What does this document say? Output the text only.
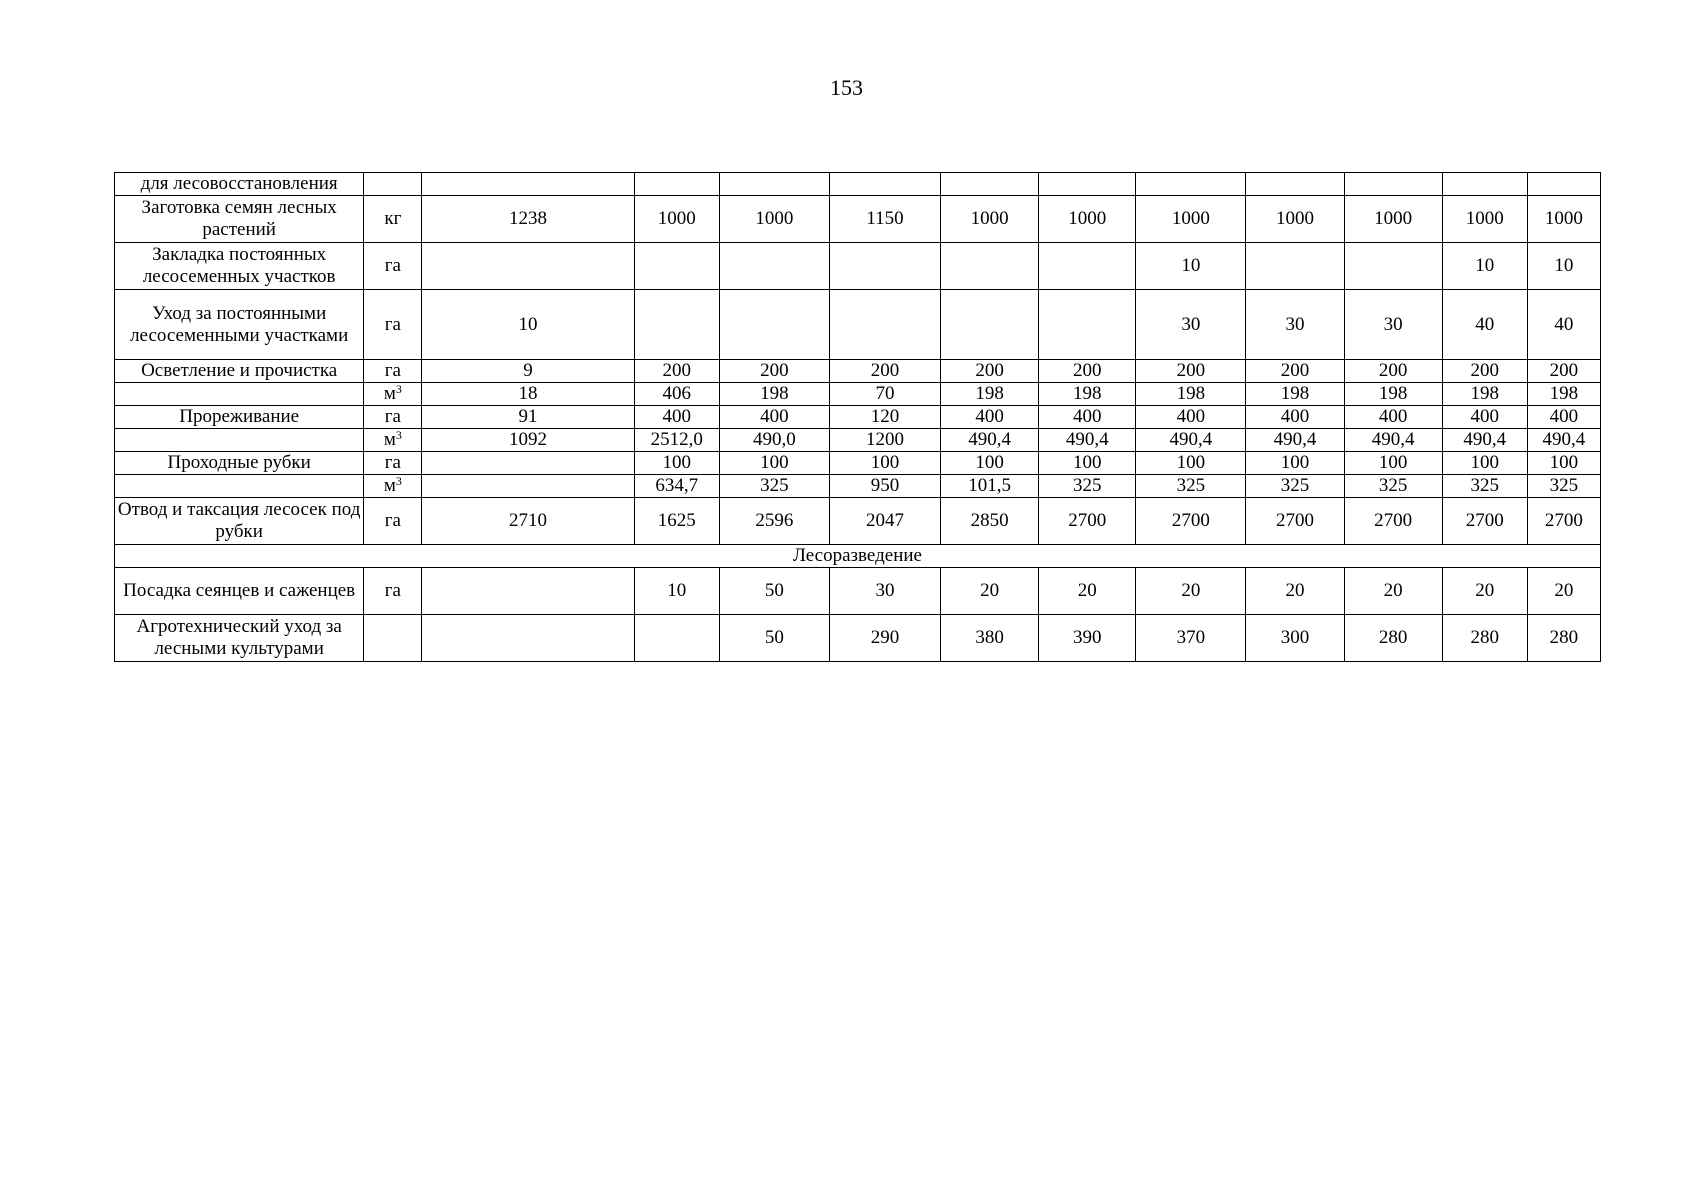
153
для лесовосстановления												
Заготовка семян лесных растений	кг	1238	1000	1000	1150	1000	1000	1000	1000	1000	1000	1000
Закладка постоянных лесосеменных участков	га							10			10	10
Уход за постоянными лесосеменными участками	га	10						30	30	30	40	40
Осветление и прочистка	га	9	200	200	200	200	200	200	200	200	200	200
	$м^3$	18	406	198	70	198	198	198	198	198	198	198
Прореживание	га	91	400	400	120	400	400	400	400	400	400	400
	$м^3$	1092	2512,0	490,0	1200	490,4	490,4	490,4	490,4	490,4	490,4	490,4
Проходные рубки	га		100	100	100	100	100	100	100	100	100	100
	$м^3$		634,7	325	950	101,5	325	325	325	325	325	325
Отвод и таксация лесосек под рубки	га	2710	1625	2596	2047	2850	2700	2700	2700	2700	2700	2700
Лесоразведение												
Посадка сеянцев и саженцев	га		10	50	30	20	20	20	20	20	20	20
Агротехнический уход за лесными культурами				50	290	380	390	370	300	280	280	280
